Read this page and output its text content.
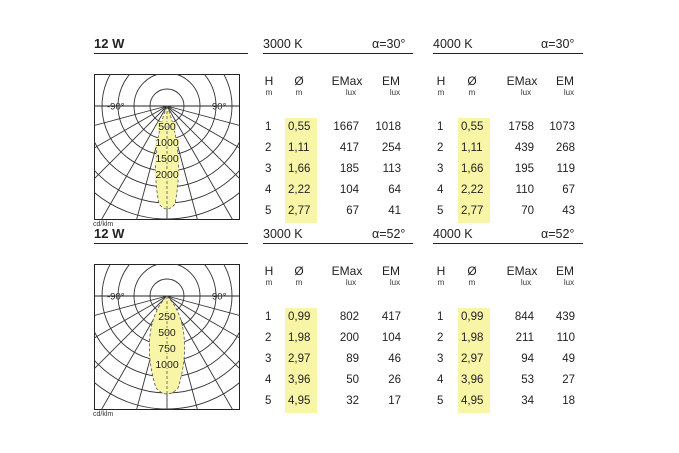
12 W	3000 K	α=30° 4000 K	α=30°
-90°	90°
500
1000
1500
2000
cd/klm
H
m
Ø
m
EMax
lux
EM
lux
1 0,55	1667 1018
2 1,11	417	254
3 1,66	185	113
4 2,22	104	64
5 2,77	67	41
H
m
Ø
m
EMax
lux
EM
lux
1 0,55	1758 1073
2 1,11	439	268
3 1,66	195	119
4 2,22	110	67
5 2,77	70	43
12 W	3000 K	α=52° 4000 K	α=52°
-90°	90°
250
500
750
1000
cd/klm
H
m
Ø
m
EMax
lux
EM
lux
1 0,99	802	417
2 1,98	200	104
3 2,97	89	46
4 3,96	50	26
5 4,95	32	17
H
m
Ø
m
EMax
lux
EM
lux
1 0,99	844	439
2 1,98	211	110
3 2,97	94	49
4 3,96	53	27
5 4,95	34	18
